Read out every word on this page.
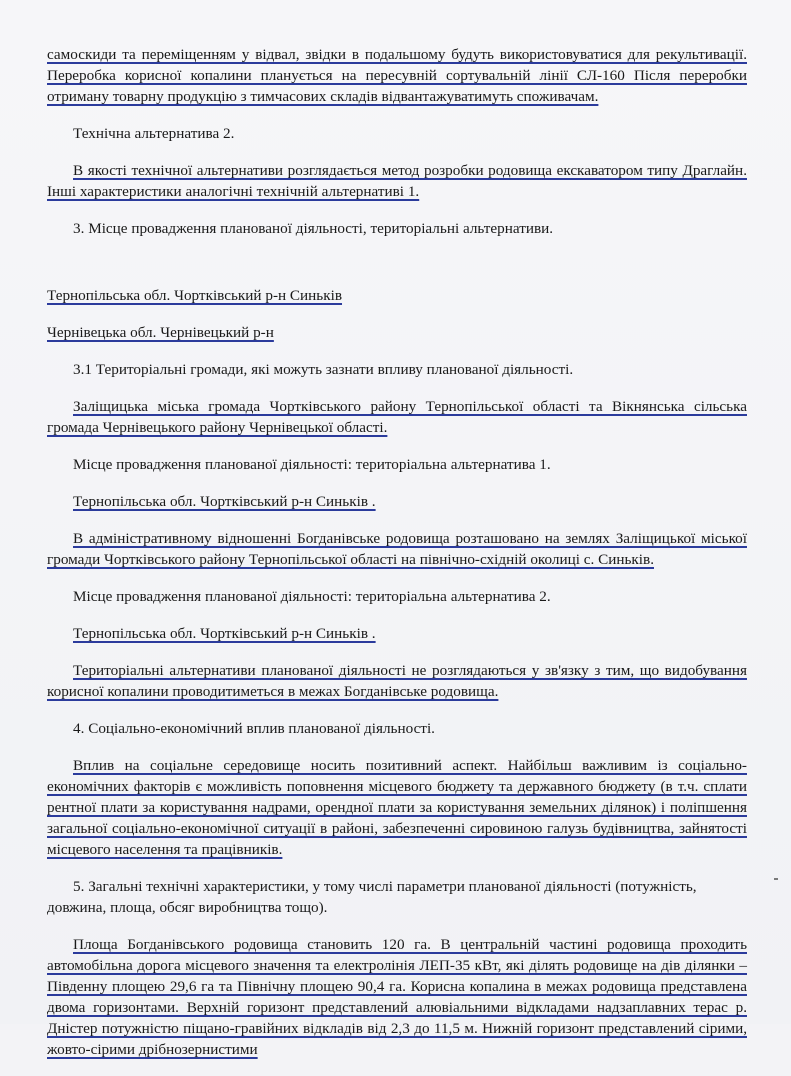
самоскиди та переміщенням у відвал, звідки в подальшому будуть використовуватися для рекультивації. Переробка корисної копалини планується на пересувній сортувальній лінії СЛ-160 Після переробки отриману товарну продукцію з тимчасових складів відвантажуватимуть споживачам.

Технічна альтернатива 2.

В якості технічної альтернативи розглядається метод розробки родовища екскаватором типу Драглайн. Інші характеристики аналогічні технічній альтернативі 1.

3. Місце провадження планованої діяльності, територіальні альтернативи.

Тернопільська обл. Чортківський р-н Синьків

Чернівецька обл. Чернівецький р-н

3.1 Територіальні громади, які можуть зазнати впливу планованої діяльності.

Заліщицька міська громада Чортківського району Тернопільської області та Вікнянська сільська громада Чернівецького району Чернівецької області.

Місце провадження планованої діяльності: територіальна альтернатива 1.

Тернопільська обл. Чортківський р-н Синьків .

В адміністративному відношенні Богданівське родовища розташовано на землях Заліщицької міської громади Чортківського району Тернопільської області на північно-східній околиці с. Синьків.

Місце провадження планованої діяльності: територіальна альтернатива 2.

Тернопільська обл. Чортківський р-н Синьків .

Територіальні альтернативи планованої діяльності не розглядаються у зв'язку з тим, що видобування корисної копалини проводитиметься в межах Богданівське родовища.

4. Соціально-економічний вплив планованої діяльності.

Вплив на соціальне середовище носить позитивний аспект. Найбільш важливим із соціально-економічних факторів є можливість поповнення місцевого бюджету та державного бюджету (в т.ч. сплати рентної плати за користування надрами, орендної плати за користування земельних ділянок) і поліпшення загальної соціально-економічної ситуації в районі, забезпеченні сировиною галузь будівництва, зайнятості місцевого населення та працівників.

5. Загальні технічні характеристики, у тому числі параметри планованої діяльності (потужність, довжина, площа, обсяг виробництва тощо).

Площа Богданівського родовища становить 120 га. В центральній частині родовища проходить автомобільна дорога місцевого значення та електролінія ЛЕП-35 кВт, які ділять родовище на дів ділянки – Південну площею 29,6 га та Північну площею 90,4 га. Корисна копалина в межах родовища представлена двома горизонтами. Верхній горизонт представлений алювіальними відкладами надзаплавних терас р. Дністер потужністю піщано-гравійних відкладів від 2,3 до 11,5 м. Нижній горизонт представлений сірими, жовто-сірими дрібнозернистими
